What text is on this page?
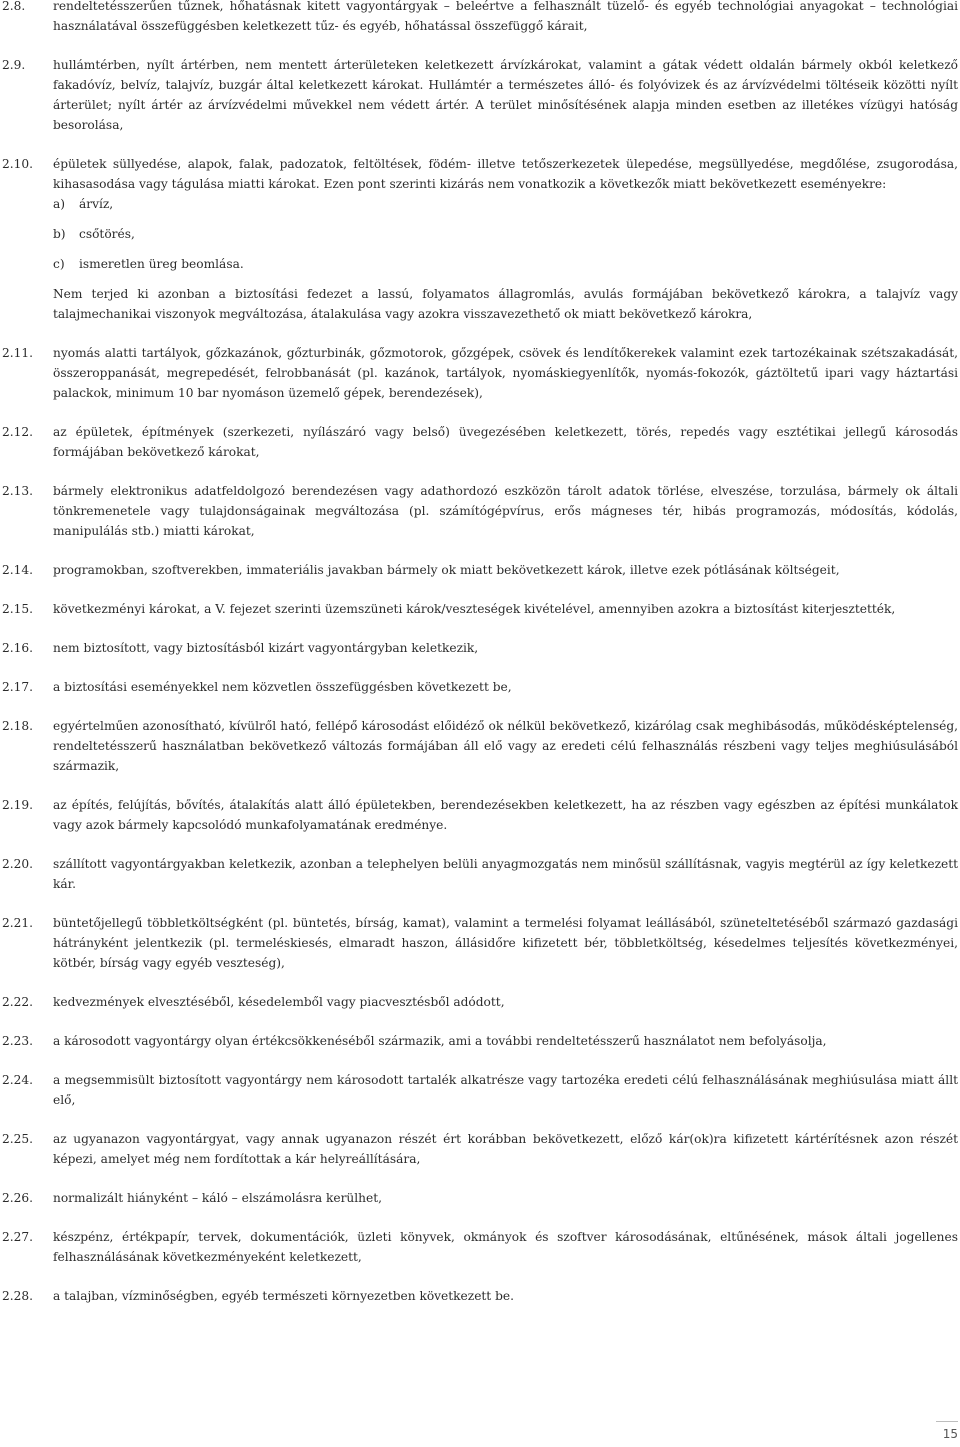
2.8.	rendeltetésszerűen tűznek, hőhatásnak kitett vagyontárgyak – beleértve a felhasznált tüzelő- és egyéb technológiai anyagokat – technológiai használatával összefüggésben keletkezett tűz- és egyéb, hőhatással összefüggő kárait,

2.9.	hullámtérben, nyílt ártérben, nem mentett árterületeken keletkezett árvízkárokat, valamint a gátak védett oldalán bármely okból keletkező fakadóvíz, belvíz, talajvíz, buzgár által keletkezett károkat. Hullámtér a természetes álló- és folyóvizek és az árvízvédelmi töltéseik közötti nyílt árterület; nyílt ártér az árvízvédelmi művekkel nem védett ártér. A terület minősítésének alapja minden esetben az illetékes vízügyi hatóság besorolása,

2.10.	épületek süllyedése, alapok, falak, padozatok, feltöltések, födém- illetve tetőszerkezetek ülepedése, megsüllyedése, megdőlése, zsugorodása, kihasasodása vagy tágulása miatti károkat. Ezen pont szerinti kizárás nem vonatkozik a következők miatt bekövetkezett eseményekre:

a)	árvíz,
b)	csőtörés,
c)	ismeretlen üreg beomlása.

Nem terjed ki azonban a biztosítási fedezet a lassú, folyamatos állagromlás, avulás formájában bekövetkező károkra, a talajvíz vagy talajmechanikai viszonyok megváltozása, átalakulása vagy azokra visszavezethető ok miatt bekövetkező károkra,

2.11.	nyomás alatti tartályok, gőzkazánok, gőzturbinák, gőzmotorok, gőzgépek, csövek és lendítőkerekek valamint ezek tartozékainak szétszakadását, összeroppanását, megrepedését, felrobbanását (pl. kazánok, tartályok, nyomáskiegyenlítők, nyomás-fokozók, gáztöltetű ipari vagy háztartási palackok, minimum 10 bar nyomáson üzemelő gépek, berendezések),

2.12.	az épületek, építmények (szerkezeti, nyílászáró vagy belső) üvegezésében keletkezett, törés, repedés vagy esztétikai jellegű károsodás formájában bekövetkező károkat,

2.13.	bármely elektronikus adatfeldolgozó berendezésen vagy adathordozó eszközön tárolt adatok törlése, elveszése, torzulása, bármely ok általi tönkremenetele vagy tulajdonságainak megváltozása (pl. számítógépvírus, erős mágneses tér, hibás programozás, módosítás, kódolás, manipulálás stb.) miatti károkat,

2.14.	programokban, szoftverekben, immateriális javakban bármely ok miatt bekövetkezett károk, illetve ezek pótlásának költségeit,

2.15.	következményi károkat, a V. fejezet szerinti üzemszüneti károk/veszteségek kivételével, amennyiben azokra a biztosítást kiterjesztették,

2.16.	nem biztosított, vagy biztosításból kizárt vagyontárgyban keletkezik,

2.17.	a biztosítási eseményekkel nem közvetlen összefüggésben következett be,

2.18.	egyértelműen azonosítható, kívülről ható, fellépő károsodást előidéző ok nélkül bekövetkező, kizárólag csak meghibásodás, működésképtelenség, rendeltetésszerű használatban bekövetkező változás formájában áll elő vagy az eredeti célú felhasználás részbeni vagy teljes meghiúsulásából származik,

2.19.	az építés, felújítás, bővítés, átalakítás alatt álló épületekben, berendezésekben keletkezett, ha az részben vagy egészben az építési munkálatok vagy azok bármely kapcsolódó munkafolyamatának eredménye.

2.20.	szállított vagyontárgyakban keletkezik, azonban a telephelyen belüli anyagmozgatás nem minősül szállításnak, vagyis megtérül az így keletkezett kár.

2.21.	büntetőjellegű többletköltségként (pl. büntetés, bírság, kamat), valamint a termelési folyamat leállásából, szüneteltetéséből származó gazdasági hátrányként jelentkezik (pl. termeléskiesés, elmaradt haszon, állásidőre kifizetett bér, többletköltség, késedelmes teljesítés következményei, kötbér, bírság vagy egyéb veszteség),

2.22.	kedvezmények elvesztéséből, késedelemből vagy piacvesztésből adódott,

2.23.	a károsodott vagyontárgy olyan értékcsökkenéséből származik, ami a további rendeltetésszerű használatot nem befolyásolja,

2.24.	a megsemmisült biztosított vagyontárgy nem károsodott tartalék alkatrésze vagy tartozéka eredeti célú felhasználásának meghiúsulása miatt állt elő,

2.25.	az ugyanazon vagyontárgyat, vagy annak ugyanazon részét ért korábban bekövetkezett, előző kár(ok)ra kifizetett kártérítésnek azon részét képezi, amelyet még nem fordítottak a kár helyreállítására,

2.26.	normalizált hiányként – káló – elszámolásra kerülhet,

2.27.	készpénz, értékpapír, tervek, dokumentációk, üzleti könyvek, okmányok és szoftver károsodásának, eltűnésének, mások általi jogellenes felhasználásának következményeként keletkezett,

2.28.	a talajban, vízminőségben, egyéb természeti környezetben következett be.

15
